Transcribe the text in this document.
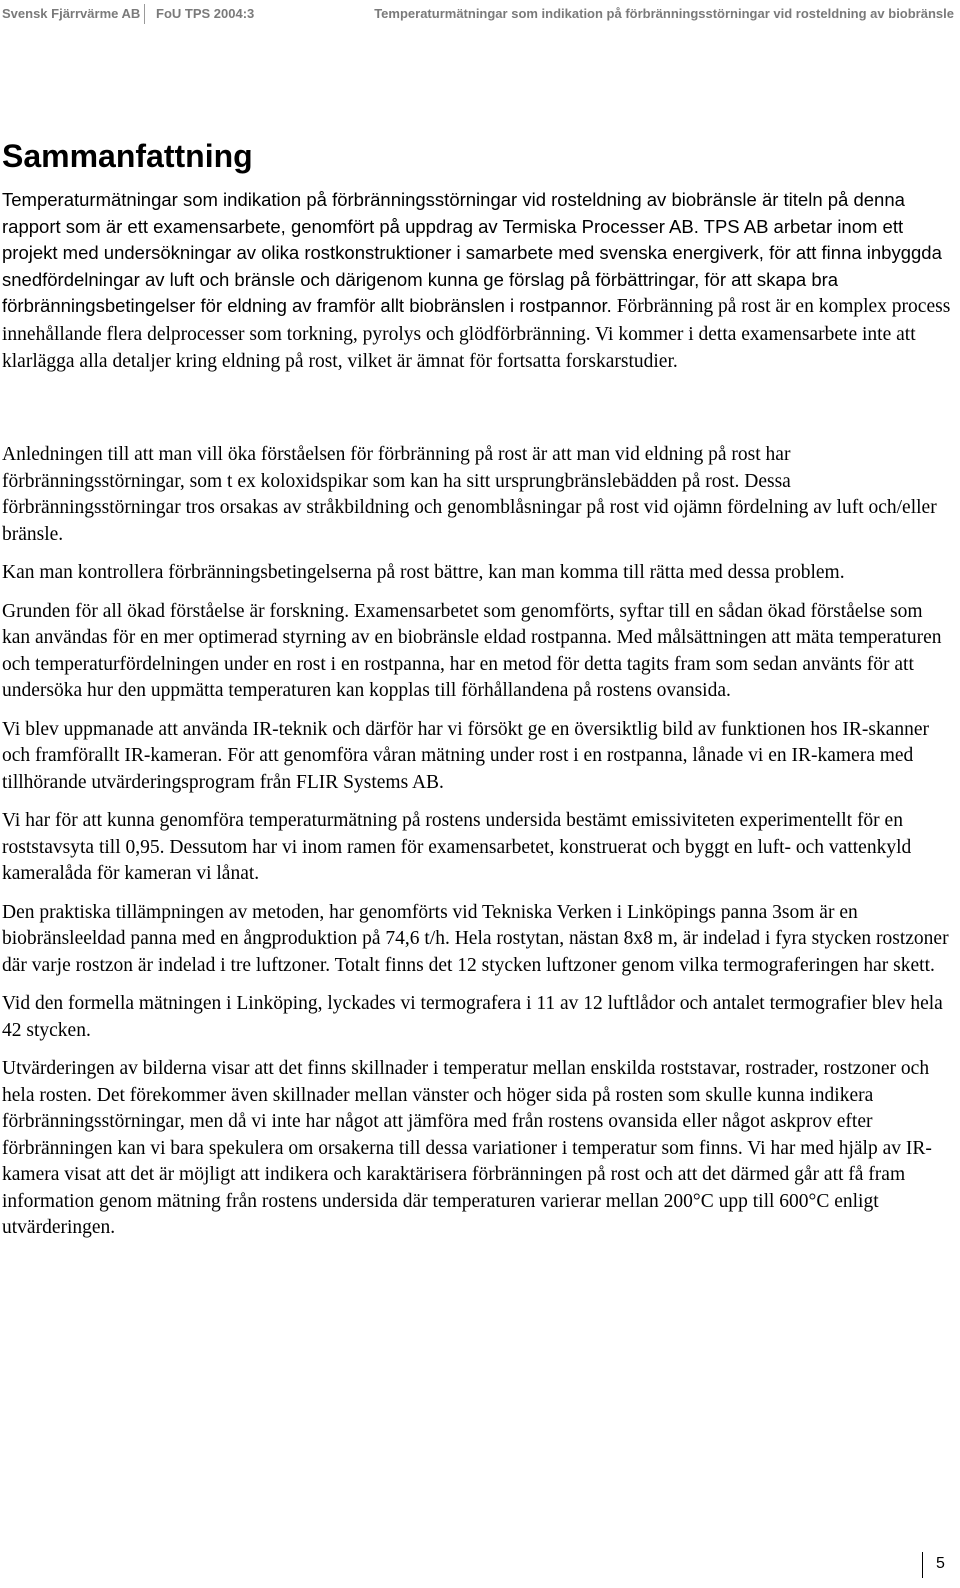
Svensk Fjärrvärme AB FoU TPS 2004:3	Temperaturmätningar som indikation på förbränningsstörningar vid rosteldning av biobränsle
Sammanfattning
Temperaturmätningar som indikation på förbränningsstörningar vid rosteldning av biobränsle är titeln på denna rapport som är ett examensarbete, genomfört på uppdrag av Termiska Processer AB. TPS AB arbetar inom ett projekt med undersökningar av olika rostkonstruktioner i samarbete med svenska energiverk, för att finna inbyggda snedfördelningar av luft och bränsle och därigenom kunna ge förslag på förbättringar, för att skapa bra förbränningsbetingelser för eldning av framför allt biobränslen i rostpannor. Förbränning på rost är en komplex process innehållande flera delprocesser som torkning, pyrolys och glödförbränning. Vi kommer i detta examensarbete inte att klarlägga alla detaljer kring eldning på rost, vilket är ämnat för fortsatta forskarstudier.

Anledningen till att man vill öka förståelsen för förbränning på rost är att man vid eldning på rost har förbränningsstörningar, som t ex koloxidspikar som kan ha sitt ursprungbränslebädden på rost. Dessa förbränningsstörningar tros orsakas av stråkbildning och genomblåsningar på rost vid ojämn fördelning av luft och/eller bränsle.

Kan man kontrollera förbränningsbetingelserna på rost bättre, kan man komma till rätta med dessa problem.

Grunden för all ökad förståelse är forskning. Examensarbetet som genomförts, syftar till en sådan ökad förståelse som kan användas för en mer optimerad styrning av en biobränsle eldad rostpanna. Med målsättningen att mäta temperaturen och temperaturfördelningen under en rost i en rostpanna, har en metod för detta tagits fram som sedan använts för att undersöka hur den uppmätta temperaturen kan kopplas till förhållandena på rostens ovansida.

Vi blev uppmanade att använda IR-teknik och därför har vi försökt ge en översiktlig bild av funktionen hos IR-skanner och framförallt IR-kameran. För att genomföra våran mätning under rost i en rostpanna, lånade vi en IR-kamera med tillhörande utvärderingsprogram från FLIR Systems AB.

Vi har för att kunna genomföra temperaturmätning på rostens undersida bestämt emissiviteten experimentellt för en roststavsyta till 0,95. Dessutom har vi inom ramen för examensarbetet, konstruerat och byggt en luft- och vattenkyld kameralåda för kameran vi lånat.

Den praktiska tillämpningen av metoden, har genomförts vid Tekniska Verken i Linköpings panna 3som är en biobränsleeldad panna med en ångproduktion på 74,6 t/h. Hela rostytan, nästan 8x8 m, är indelad i fyra stycken rostzoner där varje rostzon är indelad i tre luftzoner. Totalt finns det 12 stycken luftzoner genom vilka termograferingen har skett.

Vid den formella mätningen i Linköping, lyckades vi termografera i 11 av 12 luftlådor och antalet termografier blev hela 42 stycken.

Utvärderingen av bilderna visar att det finns skillnader i temperatur mellan enskilda roststavar, rostrader, rostzoner och hela rosten. Det förekommer även skillnader mellan vänster och höger sida på rosten som skulle kunna indikera förbränningsstörningar, men då vi inte har något att jämföra med från rostens ovansida eller något askprov efter förbränningen kan vi bara spekulera om orsakerna till dessa variationer i temperatur som finns. Vi har med hjälp av IR-kamera visat att det är möjligt att indikera och karaktärisera förbränningen på rost och att det därmed går att få fram information genom mätning från rostens undersida där temperaturen varierar mellan 200°C upp till 600°C enligt utvärderingen.

5
